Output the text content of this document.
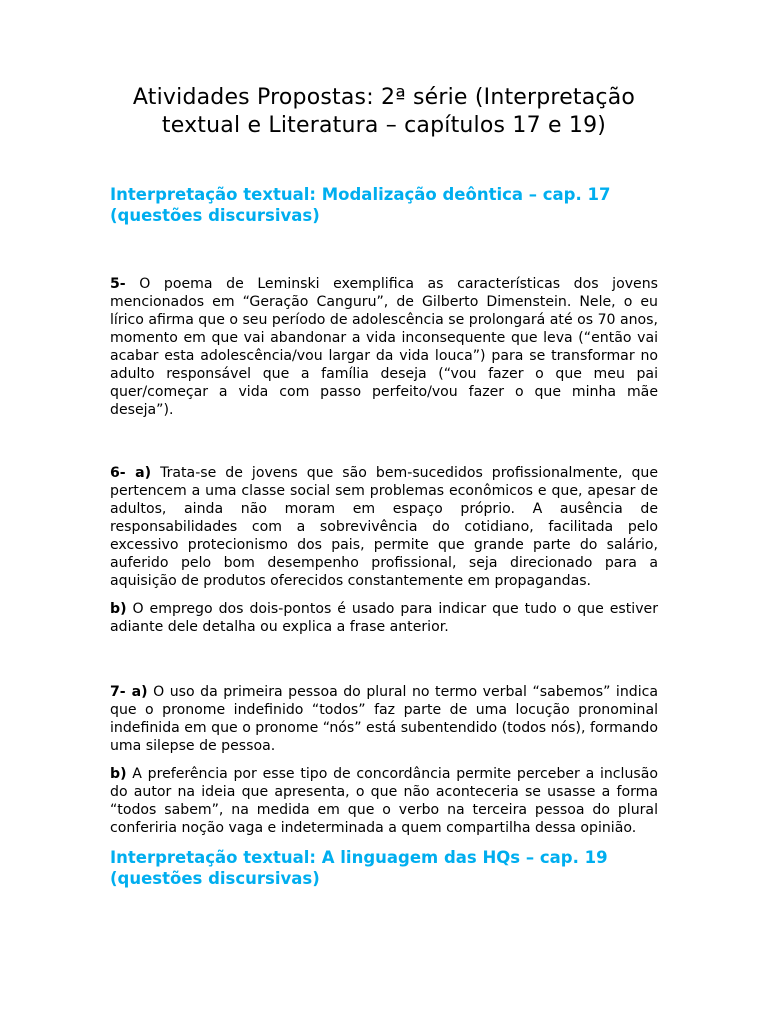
Atividades Propostas: 2ª série (Interpretação textual e Literatura – capítulos 17 e 19)
Interpretação textual: Modalização deôntica – cap. 17 (questões discursivas)

5- O poema de Leminski exemplifica as características dos jovens mencionados em “Geração Canguru”, de Gilberto Dimenstein. Nele, o eu lírico afirma que o seu período de adolescência se prolongará até os 70 anos, momento em que vai abandonar a vida inconsequente que leva (“então vai acabar esta adolescência/vou largar da vida louca”) para se transformar no adulto responsável que a família deseja (“vou fazer o que meu pai quer/começar a vida com passo perfeito/vou fazer o que minha mãe deseja”).

6- a) Trata-se de jovens que são bem-sucedidos profissionalmente, que pertencem a uma classe social sem problemas econômicos e que, apesar de adultos, ainda não moram em espaço próprio. A ausência de responsabilidades com a sobrevivência do cotidiano, facilitada pelo excessivo protecionismo dos pais, permite que grande parte do salário, auferido pelo bom desempenho profissional, seja direcionado para a aquisição de produtos oferecidos constantemente em propagandas.

b) O emprego dos dois-pontos é usado para indicar que tudo o que estiver adiante dele detalha ou explica a frase anterior.

7- a) O uso da primeira pessoa do plural no termo verbal “sabemos” indica que o pronome indefinido “todos” faz parte de uma locução pronominal indefinida em que o pronome “nós” está subentendido (todos nós), formando uma silepse de pessoa.

b) A preferência por esse tipo de concordância permite perceber a inclusão do autor na ideia que apresenta, o que não aconteceria se usasse a forma “todos sabem”, na medida em que o verbo na terceira pessoa do plural conferiria noção vaga e indeterminada a quem compartilha dessa opinião.

Interpretação textual: A linguagem das HQs – cap. 19 (questões discursivas)
